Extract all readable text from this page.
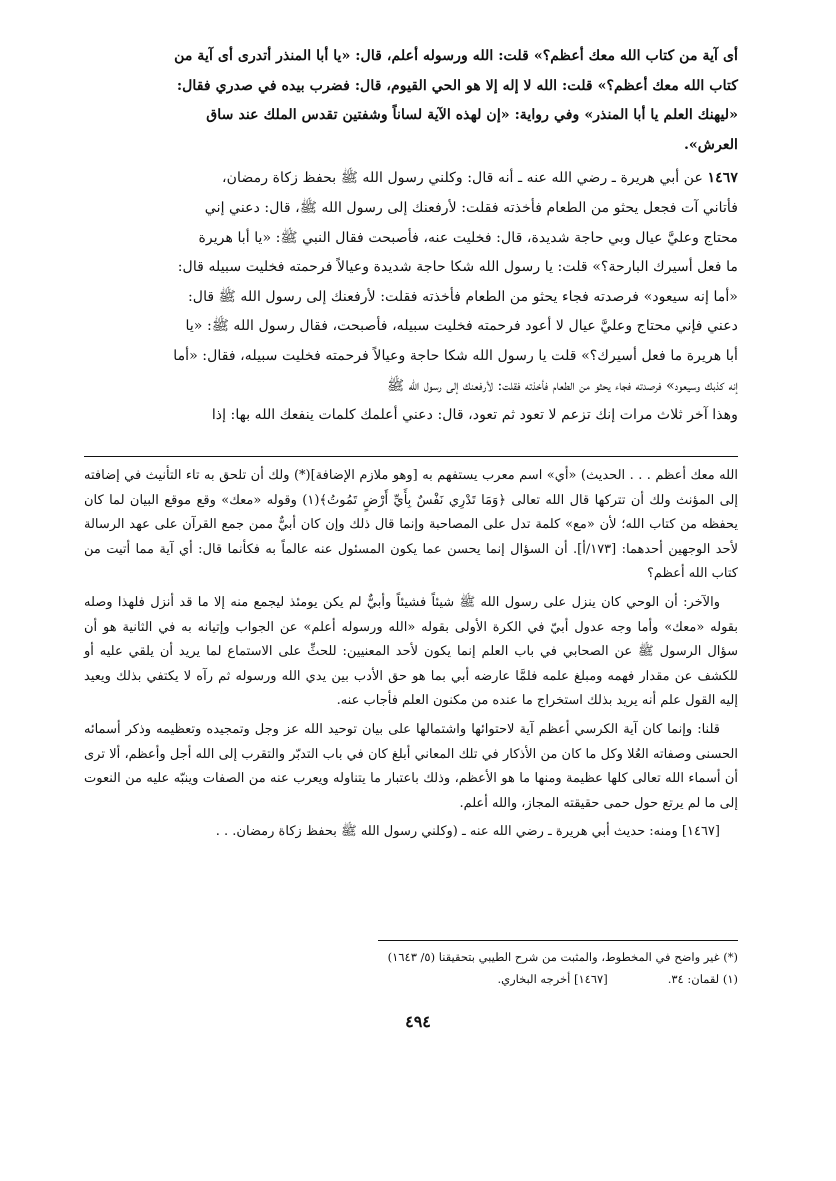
أى آية من كتاب الله معك أعظم؟» قلت: الله ورسوله أعلم، قال: «يا أبا المنذر أتدرى أى آية من

كتاب الله معك أعظم؟» قلت: الله لا إله إلا هو الحي القيوم، قال: فضرب بيده في صدري فقال:

«ليهنك العلم يا أبا المنذر» وفي رواية: «إن لهذه الآية لساناً وشفتين تقدس الملك عند ساق

العرش».

١٤٦٧ عن أبي هريرة ـ رضي الله عنه ـ أنه قال: وكلني رسول الله ﷺ بحفظ زكاة رمضان،

فأتاني آت فجعل يحثو من الطعام فأخذته فقلت: لأرفعنك إلى رسول الله ﷺ، قال: دعني إني

محتاج وعليَّ عيال وبي حاجة شديدة، قال: فخليت عنه، فأصبحت فقال النبي ﷺ: «يا أبا هريرة

ما فعل أسيرك البارحة؟» قلت: يا رسول الله شكا حاجة شديدة وعيالاً فرحمته فخليت سبيله قال:

«أما إنه سيعود» فرصدته فجاء يحثو من الطعام فأخذته فقلت: لأرفعنك إلى رسول الله ﷺ قال:

دعني فإني محتاج وعليَّ عيال لا أعود فرحمته فخليت سبيله، فأصبحت، فقال رسول الله ﷺ: «يا

أبا هريرة ما فعل أسيرك؟» قلت يا رسول الله شكا حاجة وعيالاً فرحمته فخليت سبيله، فقال: «أما

إنه كذبك وسيعود» فرصدته فجاء يحثو من الطعام فأخذته فقلت: لأرفعنك إلى رسول الله ﷺ

وهذا آخر ثلاث مرات إنك تزعم لا تعود ثم تعود، قال: دعني أعلمك كلمات ينفعك الله بها: إذا

الله معك أعظم . . . الحديث) «أي» اسم معرب يستفهم به [وهو ملازم الإضافة](*) ولك أن تلحق به تاء التأنيث في إضافته إلى المؤنث ولك أن تتركها قال الله تعالى ﴿وَمَا تَدْرِي نَفْسٌ بِأَيِّ أَرْضٍ تَمُوتُ﴾(١) وقوله «معك» وقع موقع البيان لما كان يحفظه من كتاب الله؛ لأن «مع» كلمة تدل على المصاحبة وإنما قال ذلك وإن كان أبيٌّ ممن جمع القرآن على عهد الرسالة لأحد الوجهين أحدهما: [١٧٣/أ]. أن السؤال إنما يحسن عما يكون المسئول عنه عالماً به فكأنما قال: أي آية مما أتيت من كتاب الله أعظم؟

والآخر: أن الوحي كان ينزل على رسول الله ﷺ شيئاً فشيئاً وأبيٌّ لم يكن يومئذ ليجمع منه إلا ما قد أنزل فلهذا وصله بقوله «معك» وأما وجه عدول أبيّ في الكرة الأولى بقوله «الله ورسوله أعلم» عن الجواب وإتيانه به في الثانية هو أن سؤال الرسول ﷺ عن الصحابي في باب العلم إنما يكون لأحد المعنيين: للحثِّ على الاستماع لما يريد أن يلقي عليه أو للكشف عن مقدار فهمه ومبلغ علمه فلمَّا عارضه أبي بما هو حق الأدب بين يدي الله ورسوله ثم رآه لا يكتفي بذلك ويعيد إليه القول علم أنه يريد بذلك استخراج ما عنده من مكنون العلم فأجاب عنه.

قلنا: وإنما كان آية الكرسي أعظم آية لاحتوائها واشتمالها على بيان توحيد الله عز وجل وتمجيده وتعظيمه وذكر أسمائه الحسنى وصفاته العُلا وكل ما كان من الأذكار في تلك المعاني أبلغ كان في باب التدبّر والتقرب إلى الله أجل وأعظم، ألا ترى أن أسماء الله تعالى كلها عظيمة ومنها ما هو الأعظم، وذلك باعتبار ما يتناوله ويعرب عنه من الصفات وينبّه عليه من النعوت إلى ما لم يرتع حول حمى حقيقته المجاز، والله أعلم.

[١٤٦٧] ومنه: حديث أبي هريرة ـ رضي الله عنه ـ (وكلني رسول الله ﷺ بحفظ زكاة رمضان. . .

(*) غير واضح في المخطوط، والمثبت من شرح الطيبي بتحقيقنا (٥/ ١٦٤٣)
(١) لقمان: ٣٤.
[١٤٦٧] أخرجه البخاري.
٤٩٤
